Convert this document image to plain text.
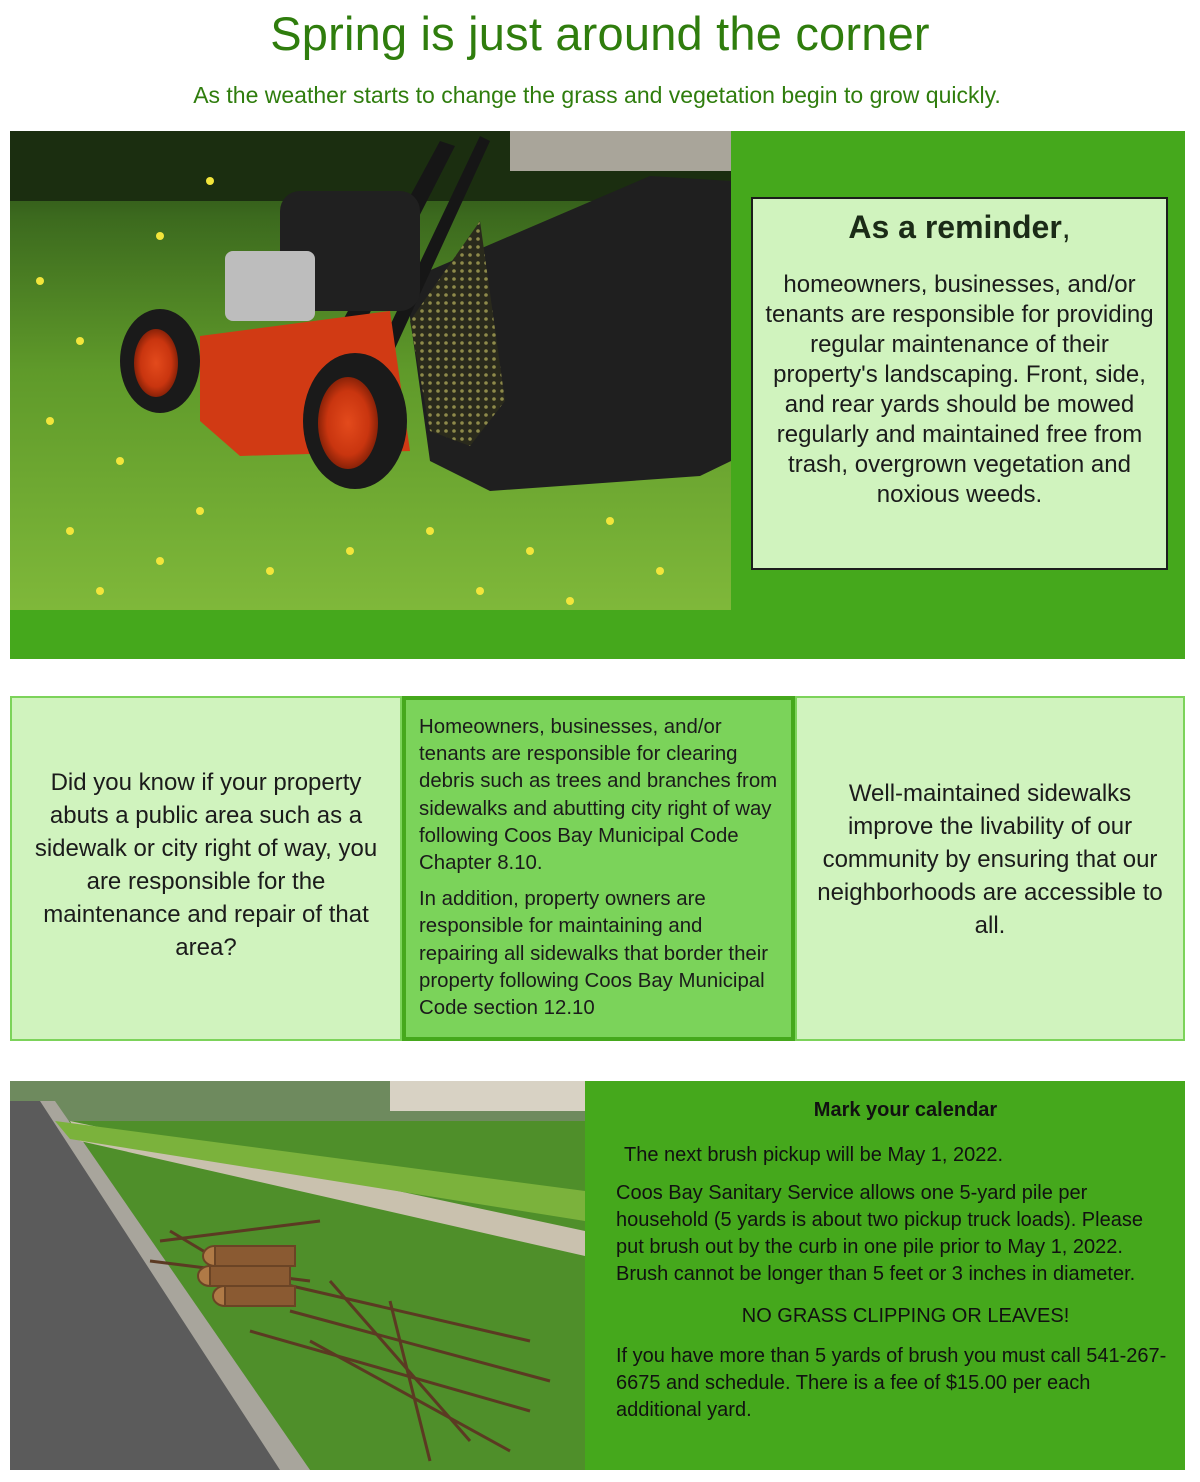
Spring is just around the corner

As the weather starts to change the grass and vegetation begin to grow quickly.

As a reminder,

homeowners, businesses, and/or tenants are responsible for providing regular maintenance of their property's landscaping. Front, side, and rear yards should be mowed regularly and maintained free from trash, overgrown vegetation and noxious weeds.

Did you know if your property abuts a public area such as a sidewalk or city right of way, you are responsible for the maintenance and repair of that area?

Homeowners, businesses, and/or tenants are responsible for clearing debris such as trees and branches from sidewalks and abutting city right of way following Coos Bay Municipal Code Chapter 8.10.

In addition, property owners are responsible for maintaining and repairing all sidewalks that border their property following Coos Bay Municipal Code section 12.10

Well-maintained sidewalks improve the livability of our community by ensuring that our neighborhoods are accessible to all.

Mark your calendar

The next brush pickup will be May 1, 2022.

Coos Bay Sanitary Service allows one 5-yard pile per household (5 yards is about two pickup truck loads). Please put brush out by the curb in one pile prior to May 1, 2022. Brush cannot be longer than 5 feet or 3 inches in diameter.

NO GRASS CLIPPING OR LEAVES!

If you have more than 5 yards of brush you must call 541-267-6675 and schedule. There is a fee of $15.00 per each additional yard.
